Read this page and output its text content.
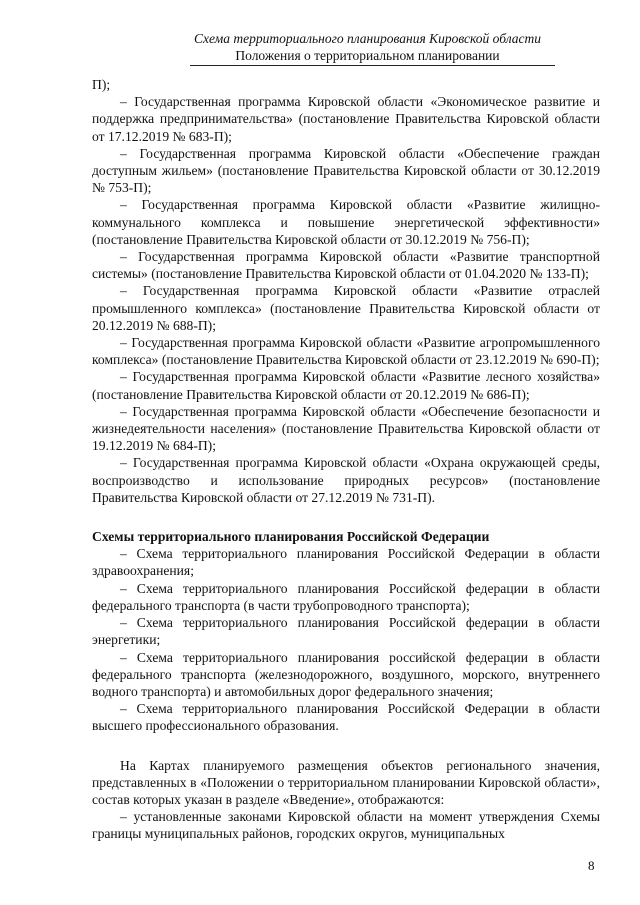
Схема территориального планирования Кировской области
Положения о территориальном планировании

П);

– Государственная программа Кировской области «Экономическое развитие и поддержка предпринимательства» (постановление Правительства Кировской области от 17.12.2019 № 683-П);

– Государственная программа Кировской области «Обеспечение граждан доступным жильем» (постановление Правительства Кировской области от 30.12.2019 № 753-П);

– Государственная программа Кировской области «Развитие жилищно-коммунального комплекса и повышение энергетической эффективности» (постановление Правительства Кировской области от 30.12.2019 № 756-П);

– Государственная программа Кировской области «Развитие транспортной системы» (постановление Правительства Кировской области от 01.04.2020 № 133-П);

– Государственная программа Кировской области «Развитие отраслей промышленного комплекса» (постановление Правительства Кировской области от 20.12.2019 № 688-П);

– Государственная программа Кировской области «Развитие агропромышленного комплекса» (постановление Правительства Кировской области от 23.12.2019 № 690-П);

– Государственная программа Кировской области «Развитие лесного хозяйства» (постановление Правительства Кировской области от 20.12.2019 № 686-П);

– Государственная программа Кировской области «Обеспечение безопасности и жизнедеятельности населения» (постановление Правительства Кировской области от 19.12.2019 № 684-П);

– Государственная программа Кировской области «Охрана окружающей среды, воспроизводство и использование природных ресурсов» (постановление Правительства Кировской области от 27.12.2019 № 731-П).

Схемы территориального планирования Российской Федерации

– Схема территориального планирования Российской Федерации в области здравоохранения;

– Схема территориального планирования Российской федерации в области федерального транспорта (в части трубопроводного транспорта);

– Схема территориального планирования Российской федерации в области энергетики;

– Схема территориального планирования российской федерации в области федерального транспорта (железнодорожного, воздушного, морского, внутреннего водного транспорта) и автомобильных дорог федерального значения;

– Схема территориального планирования Российской Федерации в области высшего профессионального образования.

На Картах планируемого размещения объектов регионального значения, представленных в «Положении о территориальном планировании Кировской области», состав которых указан в разделе «Введение», отображаются:

– установленные законами Кировской области на момент утверждения Схемы границы муниципальных районов, городских округов, муниципальных

8
